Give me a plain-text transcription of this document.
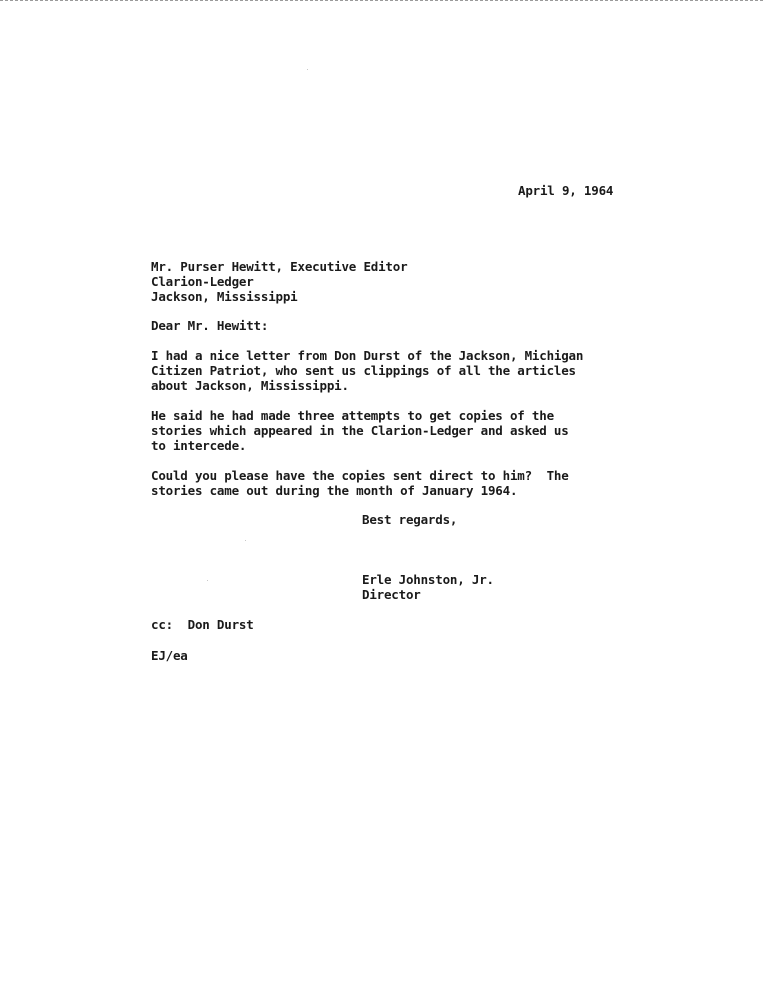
April 9, 1964
Mr. Purser Hewitt, Executive Editor
Clarion-Ledger
Jackson, Mississippi
Dear Mr. Hewitt:
I had a nice letter from Don Durst of the Jackson, Michigan
Citizen Patriot, who sent us clippings of all the articles
about Jackson, Mississippi.
He said he had made three attempts to get copies of the
stories which appeared in the Clarion-Ledger and asked us
to intercede.
Could you please have the copies sent direct to him?  The
stories came out during the month of January 1964.
Best regards,
Erle Johnston, Jr.
Director
cc:  Don Durst
EJ/ea
